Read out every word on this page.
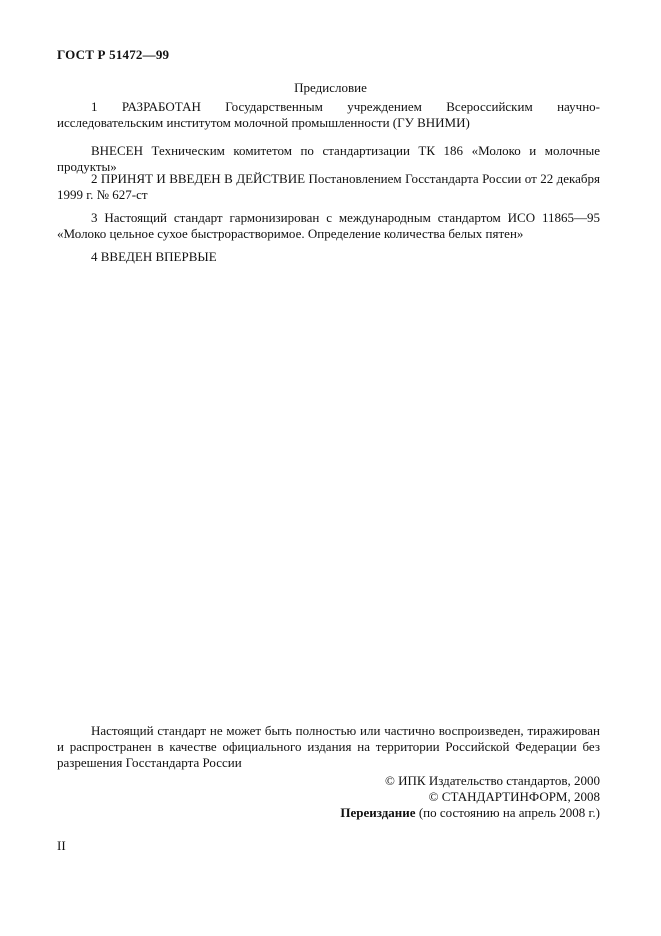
ГОСТ Р 51472—99
Предисловие
1 РАЗРАБОТАН Государственным учреждением Всероссийским научно-исследовательским институтом молочной промышленности (ГУ ВНИМИ)
ВНЕСЕН Техническим комитетом по стандартизации ТК 186 «Молоко и молочные продукты»
2 ПРИНЯТ И ВВЕДЕН В ДЕЙСТВИЕ Постановлением Госстандарта России от 22 декабря 1999 г. № 627-ст
3 Настоящий стандарт гармонизирован с международным стандартом ИСО 11865—95 «Молоко цельное сухое быстрорастворимое. Определение количества белых пятен»
4 ВВЕДЕН ВПЕРВЫЕ
Настоящий стандарт не может быть полностью или частично воспроизведен, тиражирован и распространен в качестве официального издания на территории Российской Федерации без разрешения Госстандарта России
© ИПК Издательство стандартов, 2000
© СТАНДАРТИНФОРМ, 2008
Переиздание (по состоянию на апрель 2008 г.)
II
